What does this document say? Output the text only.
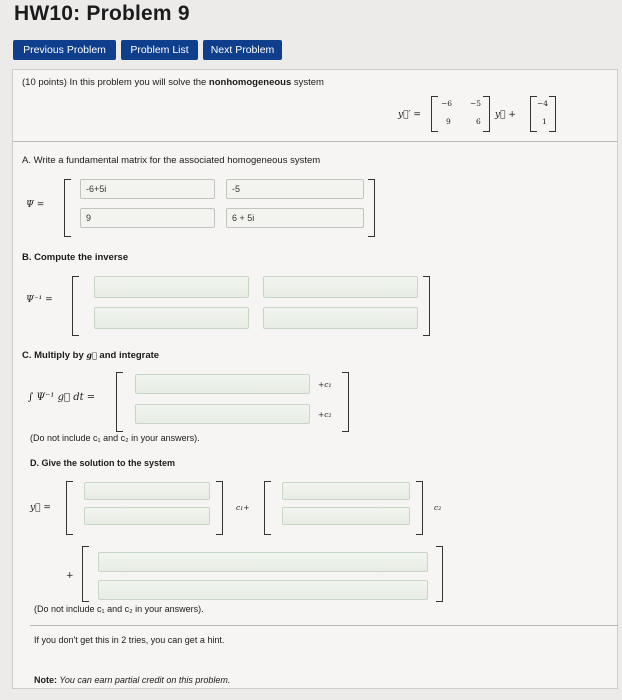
HW10: Problem 9
Previous Problem	Problem List	Next Problem
(10 points) In this problem you will solve the nonhomogeneous system
y⃗′ =
−6 −5
9	6
y⃗ +
−4
1
A. Write a fundamental matrix for the associated homogeneous system
Ψ =
-6+5i	-5
9	6 + 5i
B. Compute the inverse
Ψ⁻¹ =
C. Multiply by g⃗ and integrate
∫ Ψ⁻¹ g⃗ dt =
+c₁
+c₂
(Do not include c₁ and c₂ in your answers).
D. Give the solution to the system
y⃗ =	c₁+	c₂
+
(Do not include c₁ and c₂ in your answers).
If you don't get this in 2 tries, you can get a hint.
Note: You can earn partial credit on this problem.
